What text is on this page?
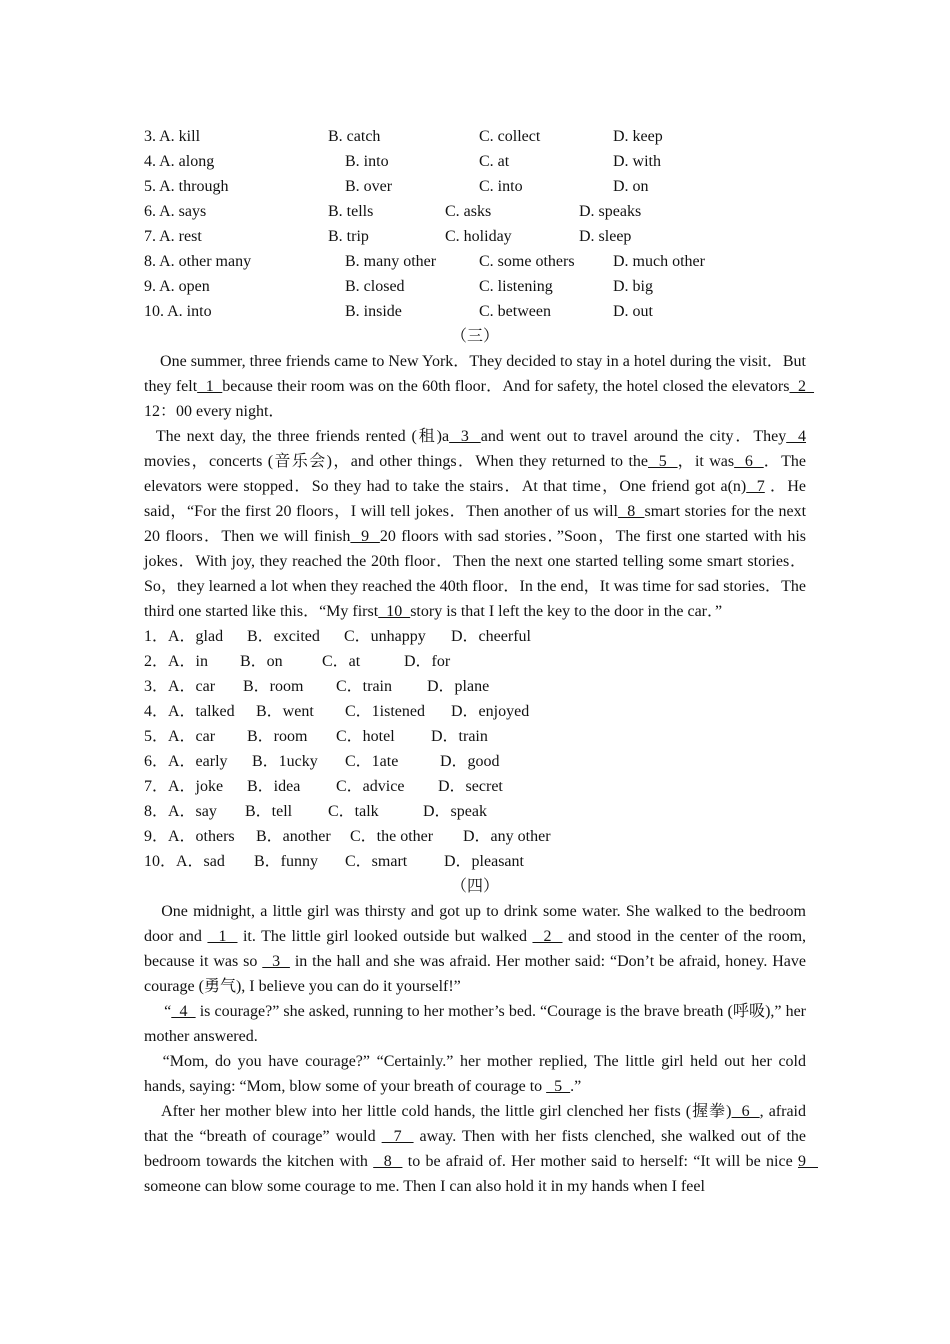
3. A. kill	B. catch	C. collect	D. keep
4. A. along	B. into	C. at	D. with
5. A. through	B. over	C. into	D. on
6. A. says	B. tells	C. asks	D. speaks
7. A. rest	B. trip	C. holiday	D. sleep
8. A. other many	B. many other	C. some others D. much other
9. A. open	B. closed	C. listening	D. big
10. A. into	B. inside	C. between	D. out
（三）

　One summer, three friends came to New York．They decided to stay in a hotel during the visit．But they felt  1  because their room was on the 60th floor．And for safety, the hotel closed the elevators  2   12：00 every night．

The next day, the three friends rented (租)a  3  and went out to travel around the city．They  4 movies，concerts (音乐会)，and other things．When they returned to the  5  ，it was  6  ．The elevators were stopped．So they had to take the stairs．At that time，One friend got a(n)  7 ．He said，“For the first 20 floors，I will tell jokes．Then another of us will  8  smart stories for the next 20 floors．Then we will finish  9  20 floors with sad stories．”Soon，The first one started with his jokes．With joy, they reached the 20th floor．Then the next one started telling some smart stories．So，they learned a lot when they reached the 40th floor．In the end，It was time for sad stories．The third one started like this．“My first  10  story is that I left the key to the door in the car．”

1．A．glad B．excited C．unhappy D．cheerful
2．A．in B．on C．at	D．for
3．A．car B．room C．train D．plane
4．A．talked B．went C．1istened D．enjoyed
5．A．car B．room C．hotel D．train
6．A．early B．1ucky C．1ate	D．good
7．A．joke B．idea C．advice D．secret
8．A．say B．tell C．talk	D．speak
9．A．others B．another C．the other D．any other
10．A．sad B．funny C．smart D．pleasant
（四）

　One midnight, a little girl was thirsty and got up to drink some water. She walked to the bedroom door and   1   it. The little girl looked outside but walked   2   and stood in the center of the room, because it was so   3   in the hall and she was afraid. Her mother said: “Don’t be afraid, honey. Have courage (勇气), I believe you can do it yourself!”

　 “  4   is courage?” she asked, running to her mother’s bed. “Courage is the brave breath (呼吸),” her mother answered.

　“Mom, do you have courage?” “Certainly.” her mother replied, The little girl held out her cold hands, saying: “Mom, blow some of your breath of courage to   5  .”

　After her mother blew into her little cold hands, the little girl clenched her fists (握拳)  6  , afraid that the “breath of courage” would   7   away. Then with her fists clenched, she walked out of the bedroom towards the kitchen with   8   to be afraid of. Her mother said to herself: “It will be nice 9    someone can blow some courage to me. Then I can also hold it in my hands when I feel
